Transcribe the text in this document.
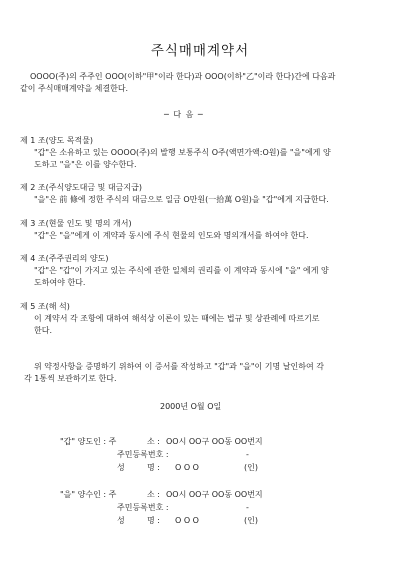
주식매매계약서
OOOO(주)의 주주인 OOO(이하"甲"이라 한다)과 OOO(이하"乙"이라 한다)간에 다음과
같이 주식매매계약을 체결한다.
─ 다 음 ─
제 1 조(양도 목적물)
"갑"은 소유하고 있는 OOOO(주)의 발행 보통주식 O주(액면가액:O원)를 "을"에게 양
도하고 "을"은 이를 양수한다.
제 2 조(주식양도대금 및 대금지급)
"을"은 前 條에 정한 주식의 대금으로 일금 O만원(一拾萬 O원)을 "갑"에게 지급한다.
제 3 조(현물 인도 및 명의 개서)
"갑"은 "을"에게 이 계약과 동시에 주식 현물의 인도와 명의개서를 하여야 한다.
제 4 조(주주권리의 양도)
"갑"은 "갑"이 가지고 있는 주식에 관한 일체의 권리를 이 계약과 동시에 "을" 에게 양
도하여야 한다.
제 5 조(해 석)
이 계약서 각 조항에 대하여 해석상 이론이 있는 때에는 법규 및 상관례에 따르기로
한다.
위 약정사항을 증명하기 위하여 이 증서를 작성하고 "갑"과 "을"이 기명 날인하여 각
각 1통씩 보관하기로 한다.
2000년 O월 O일
"갑" 양도인 : 주	소 : OO시 OO구 OO동 OO번지
주민등록번호 :	-
성	명 : O O O	(인)
"을" 양수인 : 주	소 : OO시 OO구 OO동 OO번지
주민등록번호 :	-
성	명 : O O O	(인)
